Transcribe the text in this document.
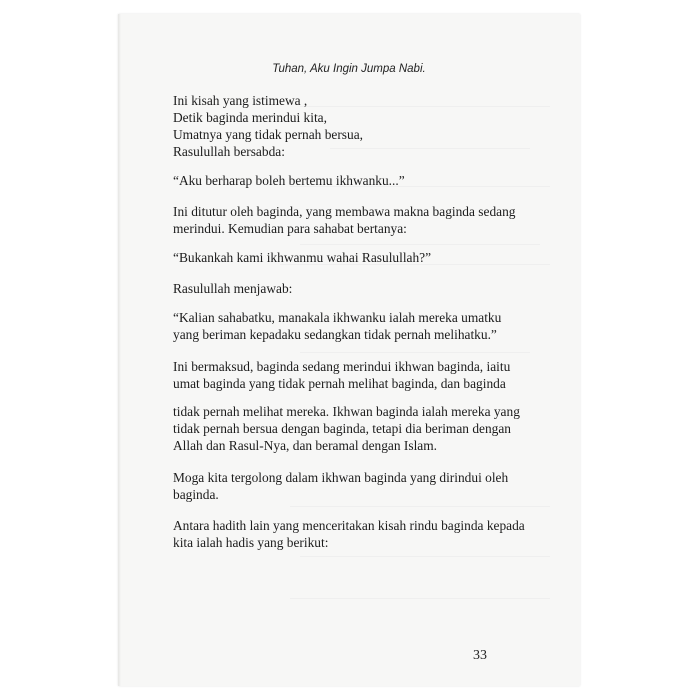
Tuhan, Aku Ingin Jumpa Nabi.
Ini kisah yang istimewa ,
Detik baginda merindui kita,
Umatnya yang tidak pernah bersua,
Rasulullah bersabda:
“Aku berharap boleh bertemu ikhwanku...”
Ini ditutur oleh baginda, yang membawa makna baginda sedang
merindui. Kemudian para sahabat bertanya:
“Bukankah kami ikhwanmu wahai Rasulullah?”
Rasulullah menjawab:
“Kalian sahabatku, manakala ikhwanku ialah mereka umatku
yang beriman kepadaku sedangkan tidak pernah melihatku.”
Ini bermaksud, baginda sedang merindui ikhwan baginda, iaitu
umat baginda yang tidak pernah melihat baginda, dan baginda
tidak pernah melihat mereka. Ikhwan baginda ialah mereka yang
tidak pernah bersua dengan baginda, tetapi dia beriman dengan
Allah dan Rasul-Nya, dan beramal dengan Islam.
Moga kita tergolong dalam ikhwan baginda yang dirindui oleh
baginda.
Antara hadith lain yang menceritakan kisah rindu baginda kepada
kita ialah hadis yang berikut:
33
